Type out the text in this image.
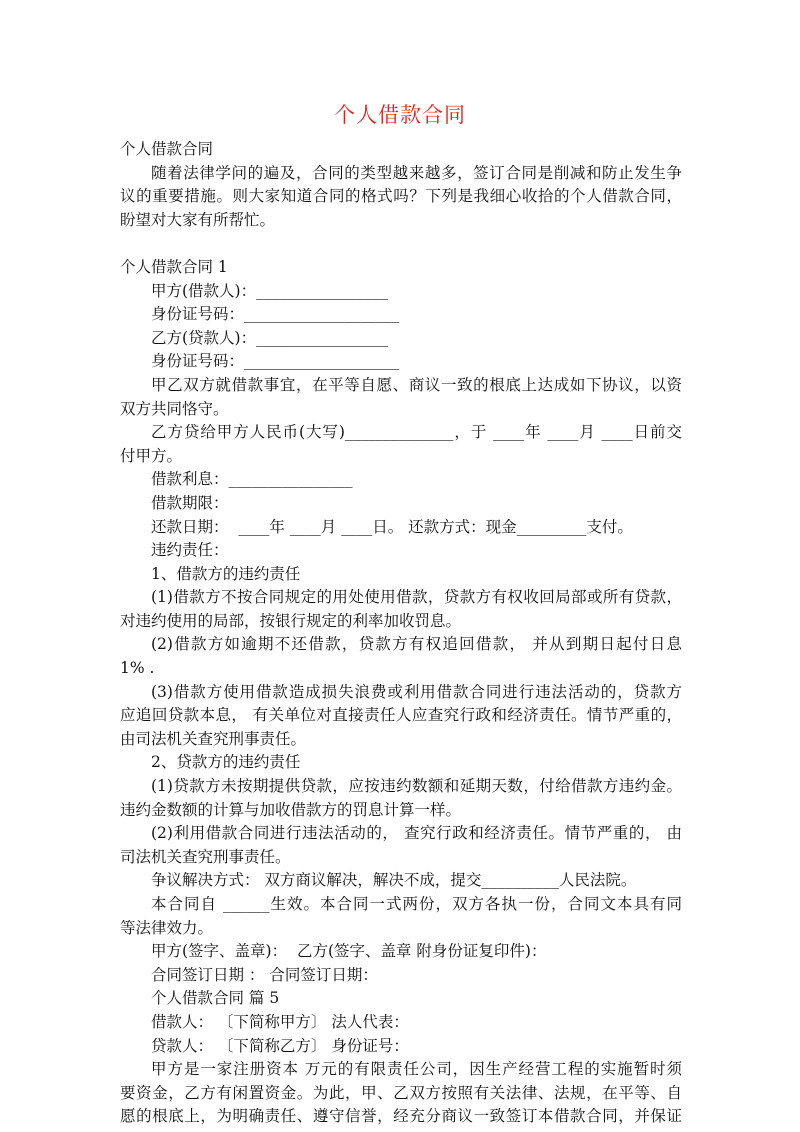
个人借款合同
个人借款合同
随着法律学问的遍及，合同的类型越来越多，签订合同是削减和防止发生争
议的重要措施。则大家知道合同的格式吗？下列是我细心收拾的个人借款合同，
盼望对大家有所帮忙。
个人借款合同 1
甲方(借款人)：_________________
身份证号码：____________________
乙方(贷款人)：_________________
身份证号码：____________________
甲乙双方就借款事宜，在平等自愿、商议一致的根底上达成如下协议，以资
双方共同恪守。
乙方贷给甲方人民币(大写)______________，于 ____年 ____月 ____日前交
付甲方。
借款利息：________________
借款期限：
还款日期：  ____年 ____月 ____日。 还款方式：现金_________支付。
违约责任：
1、借款方的违约责任
(1)借款方不按合同规定的用处使用借款，贷款方有权收回局部或所有贷款，
对违约使用的局部，按银行规定的利率加收罚息。
(2)借款方如逾期不还借款，贷款方有权追回借款， 并从到期日起付日息
1% .
(3)借款方使用借款造成损失浪费或利用借款合同进行违法活动的，贷款方
应追回贷款本息， 有关单位对直接责任人应查究行政和经济责任。情节严重的，
由司法机关查究刑事责任。
2、贷款方的违约责任
(1)贷款方未按期提供贷款，应按违约数额和延期天数，付给借款方违约金。
违约金数额的计算与加收借款方的罚息计算一样。
(2)利用借款合同进行违法活动的， 查究行政和经济责任。情节严重的， 由
司法机关查究刑事责任。
争议解决方式： 双方商议解决，解决不成，提交__________人民法院。
本合同自 ______生效。本合同一式两份，双方各执一份，合同文本具有同
等法律效力。
甲方(签字、盖章)：  乙方(签字、盖章 附身份证复印件)：
合同签订日期 ： 合同签订日期：
个人借款合同 篇 5
借款人： 〔下简称甲方〕 法人代表：
贷款人： 〔下简称乙方〕 身份证号：
甲方是一家注册资本 万元的有限责任公司，因生产经营工程的实施暂时须
要资金，乙方有闲置资金。为此，甲、乙双方按照有关法律、法规，在平等、自
愿的根底上，为明确责任、遵守信誉，经充分商议一致签订本借款合同，并保证
